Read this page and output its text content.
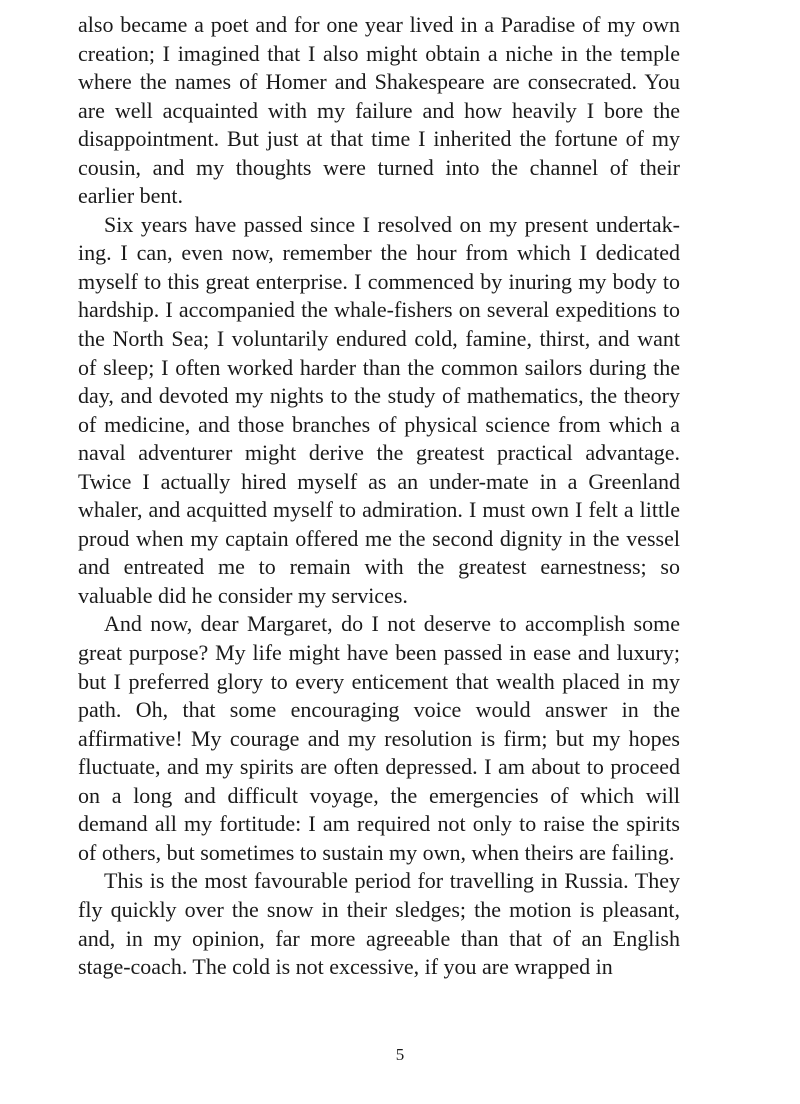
also became a poet and for one year lived in a Paradise of my own creation; I imagined that I also might obtain a niche in the temple where the names of Homer and Shakespeare are consecrated. You are well acquainted with my failure and how heavily I bore the disappointment. But just at that time I inherited the fortune of my cousin, and my thoughts were turned into the channel of their earlier bent.

Six years have passed since I resolved on my present undertaking. I can, even now, remember the hour from which I dedicated myself to this great enterprise. I commenced by inuring my body to hardship. I accompanied the whale-fishers on several expeditions to the North Sea; I voluntarily endured cold, famine, thirst, and want of sleep; I often worked harder than the common sailors during the day, and devoted my nights to the study of mathematics, the theory of medicine, and those branches of physical science from which a naval adventurer might derive the greatest practical advantage. Twice I actually hired myself as an under-mate in a Greenland whaler, and acquitted myself to admiration. I must own I felt a little proud when my captain offered me the second dignity in the vessel and entreated me to remain with the greatest earnestness; so valuable did he consider my services.

And now, dear Margaret, do I not deserve to accomplish some great purpose? My life might have been passed in ease and luxury; but I preferred glory to every enticement that wealth placed in my path. Oh, that some encouraging voice would answer in the affirmative! My courage and my resolution is firm; but my hopes fluctuate, and my spirits are often depressed. I am about to proceed on a long and difficult voyage, the emergencies of which will demand all my fortitude: I am required not only to raise the spirits of others, but sometimes to sustain my own, when theirs are failing.

This is the most favourable period for travelling in Russia. They fly quickly over the snow in their sledges; the motion is pleasant, and, in my opinion, far more agreeable than that of an English stage-coach. The cold is not excessive, if you are wrapped in

5
